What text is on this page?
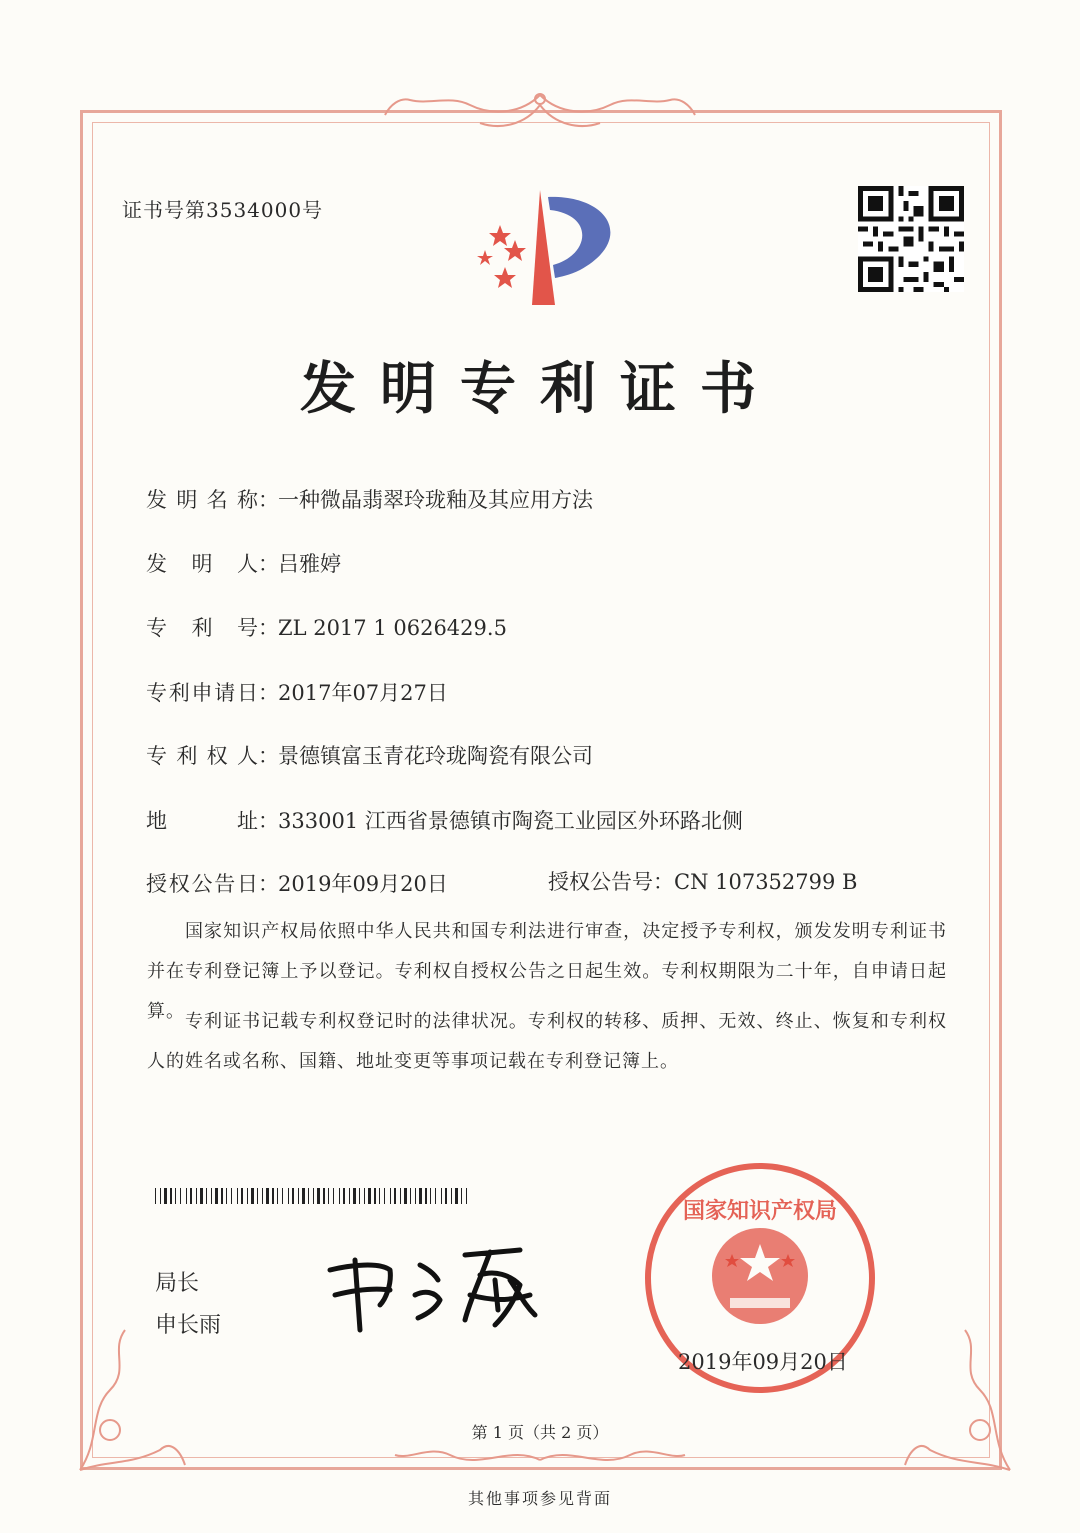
证书号第3534000号
发明专利证书
发明名称：一种微晶翡翠玲珑釉及其应用方法
发明人：吕雅婷
专利号：ZL 2017 1 0626429.5
专利申请日：2017年07月27日
专利权人：景德镇富玉青花玲珑陶瓷有限公司
地址：333001 江西省景德镇市陶瓷工业园区外环路北侧
授权公告日：2019年09月20日	授权公告号：CN 107352799 B
国家知识产权局依照中华人民共和国专利法进行审查，决定授予专利权，颁发发明专利证书并在专利登记簿上予以登记。专利权自授权公告之日起生效。专利权期限为二十年，自申请日起算。 专利证书记载专利权登记时的法律状况。专利权的转移、质押、无效、终止、恢复和专利权人的姓名或名称、国籍、地址变更等事项记载在专利登记簿上。
局长
申长雨
国家知识产权局
2019年09月20日
第 1 页（共 2 页）
其他事项参见背面
